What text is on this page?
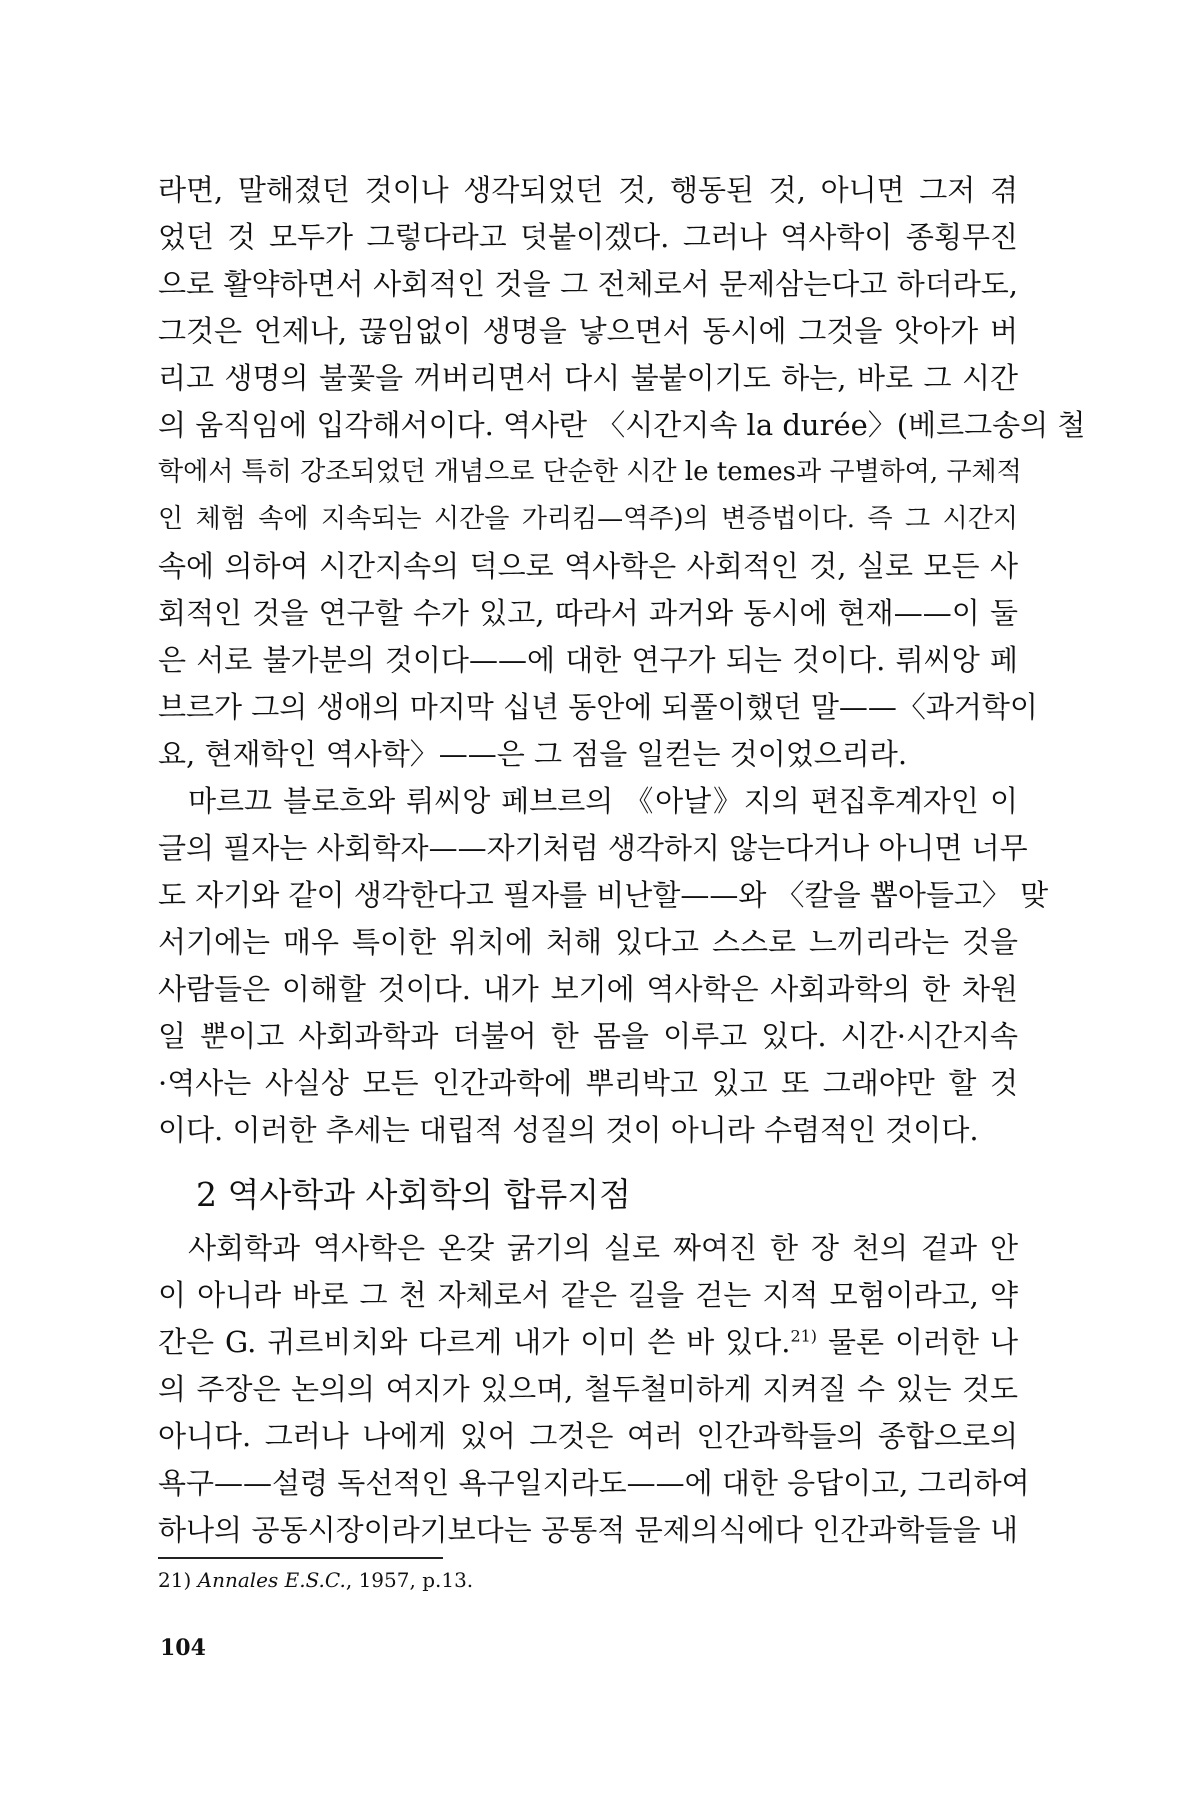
라면, 말해졌던 것이나 생각되었던 것, 행동된 것, 아니면 그저 겪
었던 것 모두가 그렇다라고 덧붙이겠다. 그러나 역사학이 종횡무진
으로 활약하면서 사회적인 것을 그 전체로서 문제삼는다고 하더라도,
그것은 언제나, 끊임없이 생명을 낳으면서 동시에 그것을 앗아가 버
리고 생명의 불꽃을 꺼버리면서 다시 불붙이기도 하는, 바로 그 시간
의 움직임에 입각해서이다. 역사란 〈시간지속 la durée〉(베르그송의 철
학에서 특히 강조되었던 개념으로 단순한 시간 le temes과 구별하여, 구체적
인 체험 속에 지속되는 시간을 가리킴—역주)의 변증법이다. 즉 그 시간지
속에 의하여 시간지속의 덕으로 역사학은 사회적인 것, 실로 모든 사
회적인 것을 연구할 수가 있고, 따라서 과거와 동시에 현재——이 둘
은 서로 불가분의 것이다——에 대한 연구가 되는 것이다. 뤼씨앙 페
브르가 그의 생애의 마지막 십년 동안에 되풀이했던 말——〈과거학이
요, 현재학인 역사학〉——은 그 점을 일컫는 것이었으리라.
마르끄 블로흐와 뤼씨앙 페브르의 《아날》지의 편집후계자인 이
글의 필자는 사회학자——자기처럼 생각하지 않는다거나 아니면 너무
도 자기와 같이 생각한다고 필자를 비난할——와 〈칼을 뽑아들고〉 맞
서기에는 매우 특이한 위치에 처해 있다고 스스로 느끼리라는 것을
사람들은 이해할 것이다. 내가 보기에 역사학은 사회과학의 한 차원
일 뿐이고 사회과학과 더불어 한 몸을 이루고 있다. 시간·시간지속
·역사는 사실상 모든 인간과학에 뿌리박고 있고 또 그래야만 할 것
이다. 이러한 추세는 대립적 성질의 것이 아니라 수렴적인 것이다.
2 역사학과 사회학의 합류지점
사회학과 역사학은 온갖 굵기의 실로 짜여진 한 장 천의 겉과 안
이 아니라 바로 그 천 자체로서 같은 길을 걷는 지적 모험이라고, 약
간은 G. 귀르비치와 다르게 내가 이미 쓴 바 있다.$^{21)}$ 물론 이러한 나
의 주장은 논의의 여지가 있으며, 철두철미하게 지켜질 수 있는 것도
아니다. 그러나 나에게 있어 그것은 여러 인간과학들의 종합으로의
욕구——설령 독선적인 욕구일지라도——에 대한 응답이고, 그리하여
하나의 공동시장이라기보다는 공통적 문제의식에다 인간과학들을 내
21) Annales E.S.C., 1957, p.13.
104
